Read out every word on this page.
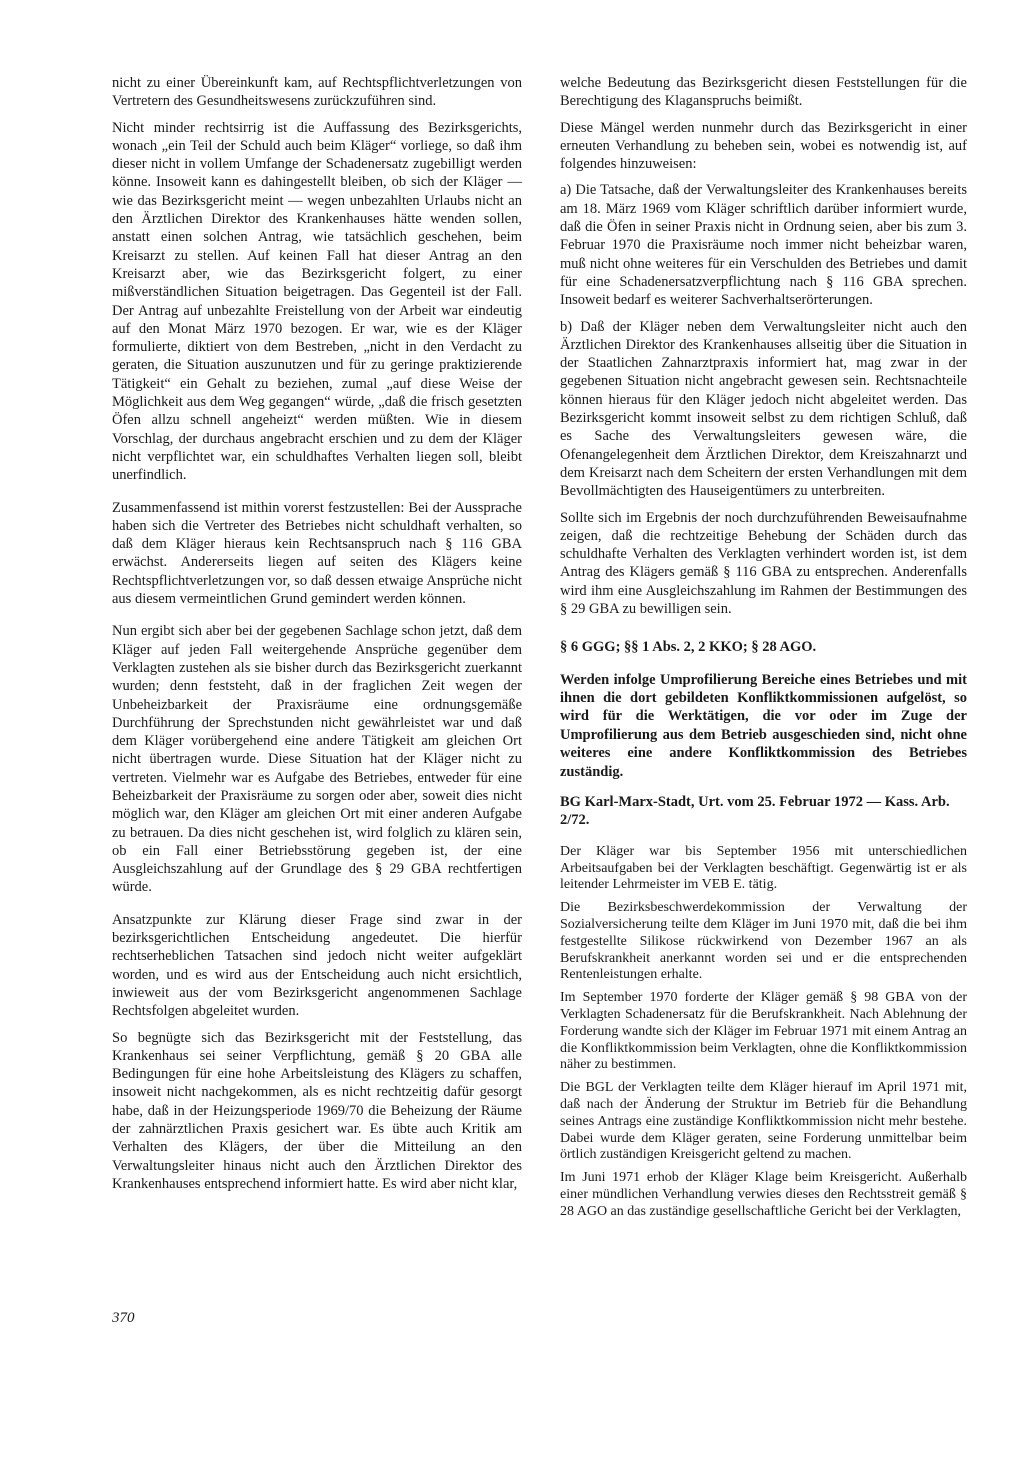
nicht zu einer Übereinkunft kam, auf Rechtspflichtverletzungen von Vertretern des Gesundheitswesens zurückzuführen sind.

Nicht minder rechtsirrig ist die Auffassung des Bezirksgerichts, wonach „ein Teil der Schuld auch beim Kläger“ vorliege, so daß ihm dieser nicht in vollem Umfange der Schadenersatz zugebilligt werden könne. Insoweit kann es dahingestellt bleiben, ob sich der Kläger — wie das Bezirksgericht meint — wegen unbezahlten Urlaubs nicht an den Ärztlichen Direktor des Krankenhauses hätte wenden sollen, anstatt einen solchen Antrag, wie tatsächlich geschehen, beim Kreisarzt zu stellen. Auf keinen Fall hat dieser Antrag an den Kreisarzt aber, wie das Bezirksgericht folgert, zu einer mißverständlichen Situation beigetragen. Das Gegenteil ist der Fall. Der Antrag auf unbezahlte Freistellung von der Arbeit war eindeutig auf den Monat März 1970 bezogen. Er war, wie es der Kläger formulierte, diktiert von dem Bestreben, „nicht in den Verdacht zu geraten, die Situation auszunutzen und für zu geringe praktizierende Tätigkeit“ ein Gehalt zu beziehen, zumal „auf diese Weise der Möglichkeit aus dem Weg gegangen“ würde, „daß die frisch gesetzten Öfen allzu schnell angeheizt“ werden müßten. Wie in diesem Vorschlag, der durchaus angebracht erschien und zu dem der Kläger nicht verpflichtet war, ein schuldhaftes Verhalten liegen soll, bleibt unerfindlich.

Zusammenfassend ist mithin vorerst festzustellen: Bei der Aussprache haben sich die Vertreter des Betriebes nicht schuldhaft verhalten, so daß dem Kläger hieraus kein Rechtsanspruch nach § 116 GBA erwächst. Andererseits liegen auf seiten des Klägers keine Rechtspflichtverletzungen vor, so daß dessen etwaige Ansprüche nicht aus diesem vermeintlichen Grund gemindert werden können.

Nun ergibt sich aber bei der gegebenen Sachlage schon jetzt, daß dem Kläger auf jeden Fall weitergehende Ansprüche gegenüber dem Verklagten zustehen als sie bisher durch das Bezirksgericht zuerkannt wurden; denn feststeht, daß in der fraglichen Zeit wegen der Unbeheizbarkeit der Praxisräume eine ordnungsgemäße Durchführung der Sprechstunden nicht gewährleistet war und daß dem Kläger vorübergehend eine andere Tätigkeit am gleichen Ort nicht übertragen wurde. Diese Situation hat der Kläger nicht zu vertreten. Vielmehr war es Aufgabe des Betriebes, entweder für eine Beheizbarkeit der Praxisräume zu sorgen oder aber, soweit dies nicht möglich war, den Kläger am gleichen Ort mit einer anderen Aufgabe zu betrauen. Da dies nicht geschehen ist, wird folglich zu klären sein, ob ein Fall einer Betriebsstörung gegeben ist, der eine Ausgleichszahlung auf der Grundlage des § 29 GBA rechtfertigen würde.

Ansatzpunkte zur Klärung dieser Frage sind zwar in der bezirksgerichtlichen Entscheidung angedeutet. Die hierfür rechtserheblichen Tatsachen sind jedoch nicht weiter aufgeklärt worden, und es wird aus der Entscheidung auch nicht ersichtlich, inwieweit aus der vom Bezirksgericht angenommenen Sachlage Rechtsfolgen abgeleitet wurden.

So begnügte sich das Bezirksgericht mit der Feststellung, das Krankenhaus sei seiner Verpflichtung, gemäß § 20 GBA alle Bedingungen für eine hohe Arbeitsleistung des Klägers zu schaffen, insoweit nicht nachgekommen, als es nicht rechtzeitig dafür gesorgt habe, daß in der Heizungsperiode 1969/70 die Beheizung der Räume der zahnärztlichen Praxis gesichert war. Es übte auch Kritik am Verhalten des Klägers, der über die Mitteilung an den Verwaltungsleiter hinaus nicht auch den Ärztlichen Direktor des Krankenhauses entsprechend informiert hatte. Es wird aber nicht klar,

welche Bedeutung das Bezirksgericht diesen Feststellungen für die Berechtigung des Klaganspruchs beimißt.

Diese Mängel werden nunmehr durch das Bezirksgericht in einer erneuten Verhandlung zu beheben sein, wobei es notwendig ist, auf folgendes hinzuweisen:

a) Die Tatsache, daß der Verwaltungsleiter des Krankenhauses bereits am 18. März 1969 vom Kläger schriftlich darüber informiert wurde, daß die Öfen in seiner Praxis nicht in Ordnung seien, aber bis zum 3. Februar 1970 die Praxisräume noch immer nicht beheizbar waren, muß nicht ohne weiteres für ein Verschulden des Betriebes und damit für eine Schadenersatzverpflichtung nach § 116 GBA sprechen. Insoweit bedarf es weiterer Sachverhaltserörterungen.

b) Daß der Kläger neben dem Verwaltungsleiter nicht auch den Ärztlichen Direktor des Krankenhauses allseitig über die Situation in der Staatlichen Zahnarztpraxis informiert hat, mag zwar in der gegebenen Situation nicht angebracht gewesen sein. Rechtsnachteile können hieraus für den Kläger jedoch nicht abgeleitet werden. Das Bezirksgericht kommt insoweit selbst zu dem richtigen Schluß, daß es Sache des Verwaltungsleiters gewesen wäre, die Ofenangelegenheit dem Ärztlichen Direktor, dem Kreiszahnarzt und dem Kreisarzt nach dem Scheitern der ersten Verhandlungen mit dem Bevollmächtigten des Hauseigentümers zu unterbreiten.

Sollte sich im Ergebnis der noch durchzuführenden Beweisaufnahme zeigen, daß die rechtzeitige Behebung der Schäden durch das schuldhafte Verhalten des Verklagten verhindert worden ist, ist dem Antrag des Klägers gemäß § 116 GBA zu entsprechen. Anderenfalls wird ihm eine Ausgleichszahlung im Rahmen der Bestimmungen des § 29 GBA zu bewilligen sein.

§ 6 GGG; §§ 1 Abs. 2, 2 KKO; § 28 AGO.
Werden infolge Umprofilierung Bereiche eines Betriebes und mit ihnen die dort gebildeten Konfliktkommissionen aufgelöst, so wird für die Werktätigen, die vor oder im Zuge der Umprofilierung aus dem Betrieb ausgeschieden sind, nicht ohne weiteres eine andere Konfliktkommission des Betriebes zuständig.
BG Karl-Marx-Stadt, Urt. vom 25. Februar 1972 — Kass. Arb. 2/72.

Der Kläger war bis September 1956 mit unterschiedlichen Arbeitsaufgaben bei der Verklagten beschäftigt. Gegenwärtig ist er als leitender Lehrmeister im VEB E. tätig.

Die Bezirksbeschwerdekommission der Verwaltung der Sozialversicherung teilte dem Kläger im Juni 1970 mit, daß die bei ihm festgestellte Silikose rückwirkend von Dezember 1967 an als Berufskrankheit anerkannt worden sei und er die entsprechenden Rentenleistungen erhalte.

Im September 1970 forderte der Kläger gemäß § 98 GBA von der Verklagten Schadenersatz für die Berufskrankheit. Nach Ablehnung der Forderung wandte sich der Kläger im Februar 1971 mit einem Antrag an die Konfliktkommission beim Verklagten, ohne die Konfliktkommission näher zu bestimmen.

Die BGL der Verklagten teilte dem Kläger hierauf im April 1971 mit, daß nach der Änderung der Struktur im Betrieb für die Behandlung seines Antrags eine zuständige Konfliktkommission nicht mehr bestehe. Dabei wurde dem Kläger geraten, seine Forderung unmittelbar beim örtlich zuständigen Kreisgericht geltend zu machen.

Im Juni 1971 erhob der Kläger Klage beim Kreisgericht. Außerhalb einer mündlichen Verhandlung verwies dieses den Rechtsstreit gemäß § 28 AGO an das zuständige gesellschaftliche Gericht bei der Verklagten,

370
